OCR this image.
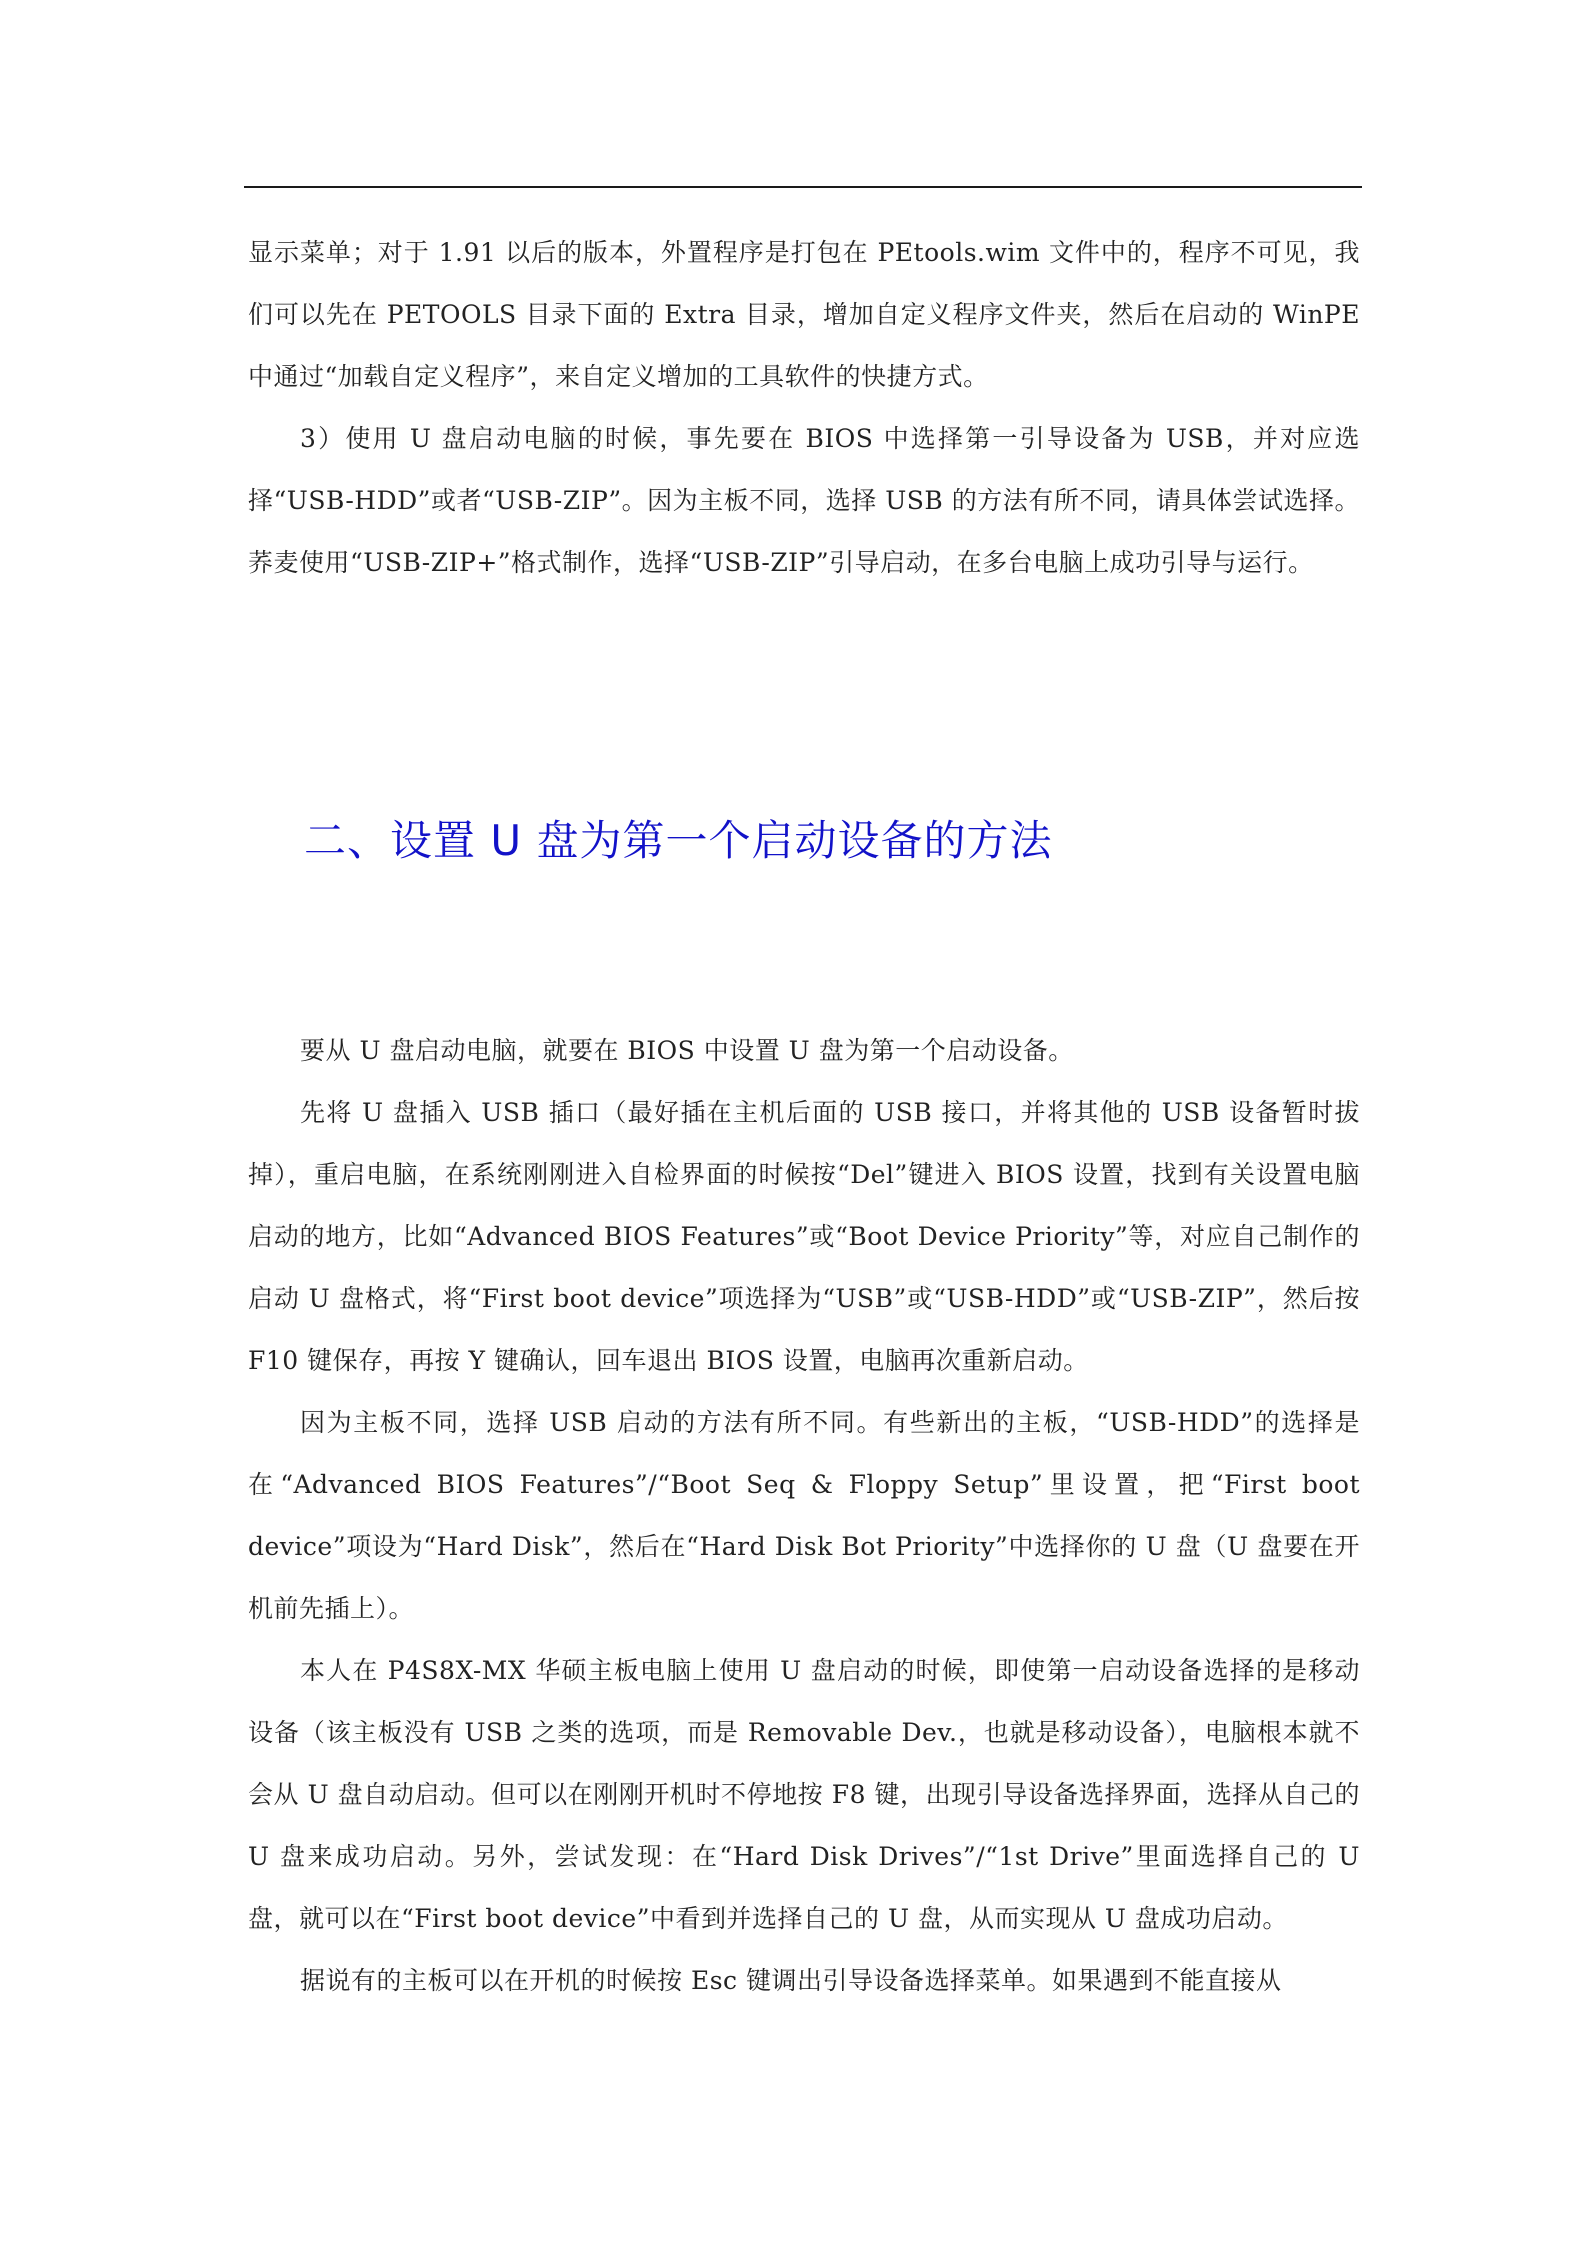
显示菜单；对于 1.91 以后的版本，外置程序是打包在 PEtools.wim 文件中的，程序不可见，我们可以先在 PETOOLS 目录下面的 Extra 目录，增加自定义程序文件夹，然后在启动的 WinPE 中通过“加载自定义程序”，来自定义增加的工具软件的快捷方式。

3）使用 U 盘启动电脑的时候，事先要在 BIOS 中选择第一引导设备为 USB，并对应选择“USB-HDD”或者“USB-ZIP”。因为主板不同，选择 USB 的方法有所不同，请具体尝试选择。荞麦使用“USB-ZIP+”格式制作，选择“USB-ZIP”引导启动，在多台电脑上成功引导与运行。

二、设置 U 盘为第一个启动设备的方法

要从 U 盘启动电脑，就要在 BIOS 中设置 U 盘为第一个启动设备。

先将 U 盘插入 USB 插口（最好插在主机后面的 USB 接口，并将其他的 USB 设备暂时拔掉），重启电脑，在系统刚刚进入自检界面的时候按“Del”键进入 BIOS 设置，找到有关设置电脑启动的地方，比如“Advanced BIOS Features”或“Boot Device Priority”等，对应自己制作的启动 U 盘格式，将“First boot device”项选择为“USB”或“USB-HDD”或“USB-ZIP”，然后按 F10 键保存，再按 Y 键确认，回车退出 BIOS 设置，电脑再次重新启动。

因为主板不同，选择 USB 启动的方法有所不同。有些新出的主板，“USB-HDD”的选择是在“Advanced BIOS Features”/“Boot Seq & Floppy Setup”里设置，把“First boot device”项设为“Hard Disk”，然后在“Hard Disk Bot Priority”中选择你的 U 盘（U 盘要在开机前先插上）。

本人在 P4S8X-MX 华硕主板电脑上使用 U 盘启动的时候，即使第一启动设备选择的是移动设备（该主板没有 USB 之类的选项，而是 Removable Dev.，也就是移动设备），电脑根本就不会从 U 盘自动启动。但可以在刚刚开机时不停地按 F8 键，出现引导设备选择界面，选择从自己的 U 盘来成功启动。另外，尝试发现：在“Hard Disk Drives”/“1st Drive”里面选择自己的 U 盘，就可以在“First boot device”中看到并选择自己的 U 盘，从而实现从 U 盘成功启动。

据说有的主板可以在开机的时候按 Esc 键调出引导设备选择菜单。如果遇到不能直接从
